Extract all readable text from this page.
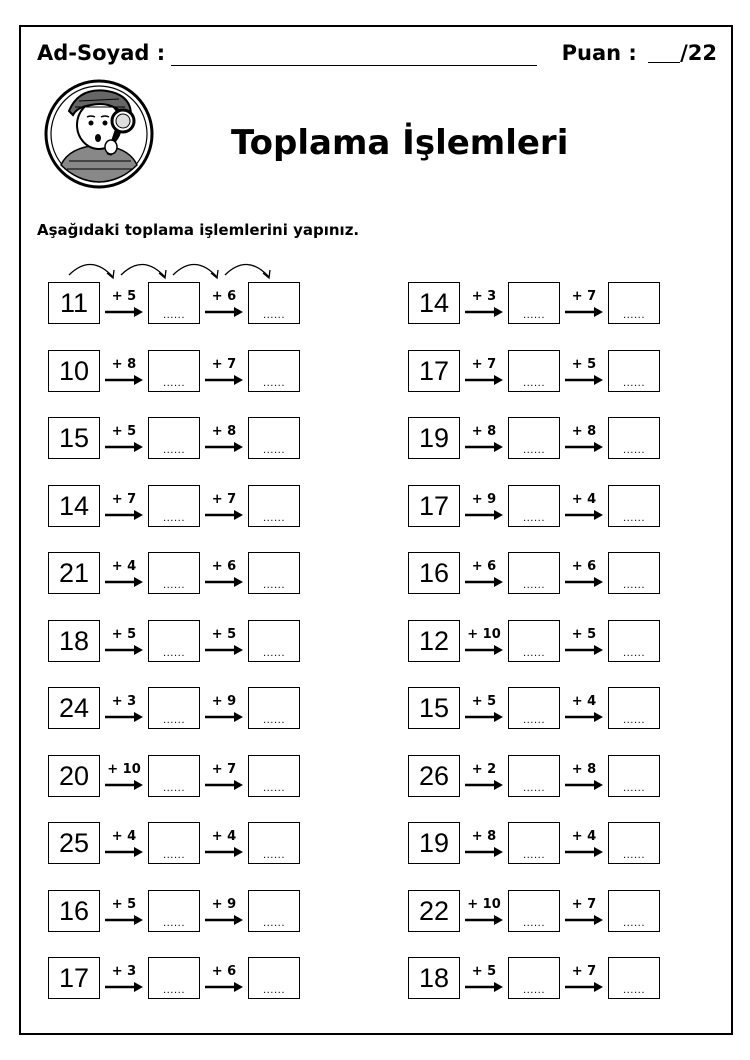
Ad-Soyad :	Puan : /22
Toplama İşlemleri
Aşağıdaki toplama işlemlerini yapınız.
11	+ 5
......
+ 6
......
10	+ 8
......
+ 7
......
15	+ 5
......
+ 8
......
14	+ 7
......
+ 7
......
21	+ 4
......
+ 6
......
18	+ 5
......
+ 5
......
24	+ 3
......
+ 9
......
20	+ 10
......
+ 7
......
25	+ 4
......
+ 4
......
16	+ 5
......
+ 9
......
17	+ 3
......
+ 6
......
14	+ 3
......
+ 7
......
17	+ 7
......
+ 5
......
19	+ 8
......
+ 8
......
17	+ 9
......
+ 4
......
16	+ 6
......
+ 6
......
12	+ 10
......
+ 5
......
15	+ 5
......
+ 4
......
26	+ 2
......
+ 8
......
19	+ 8
......
+ 4
......
22	+ 10
......
+ 7
......
18	+ 5
......
+ 7
......
